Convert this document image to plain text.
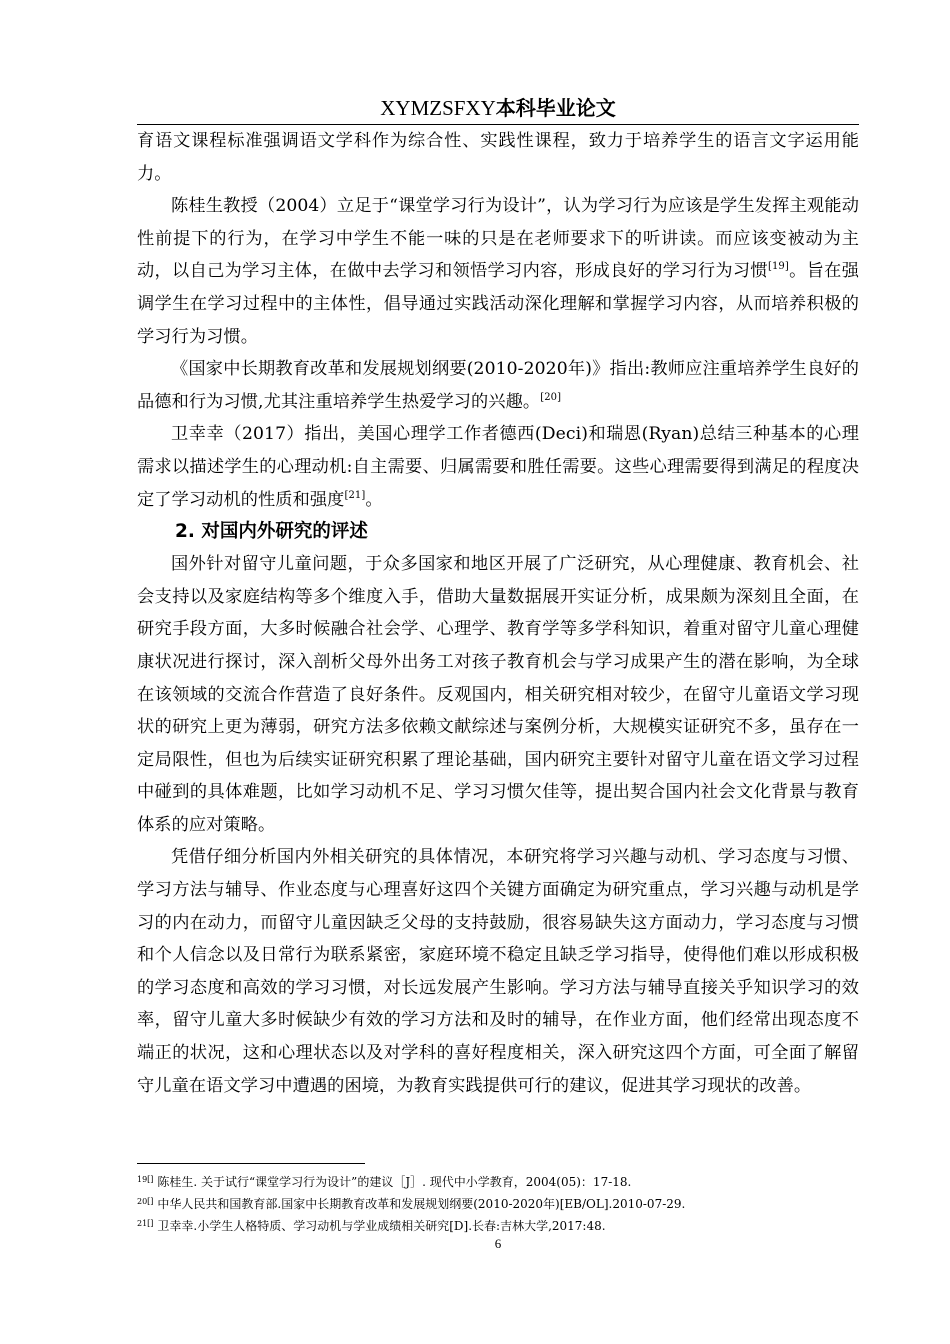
XYMZSFXY本科毕业论文

育语文课程标准强调语文学科作为综合性、实践性课程，致力于培养学生的语言文字运用能力。

陈桂生教授（2004）立足于“课堂学习行为设计”，认为学习行为应该是学生发挥主观能动性前提下的行为，在学习中学生不能一味的只是在老师要求下的听讲读。而应该变被动为主动，以自己为学习主体，在做中去学习和领悟学习内容，形成良好的学习行为习惯[19]。旨在强调学生在学习过程中的主体性，倡导通过实践活动深化理解和掌握学习内容，从而培养积极的学习行为习惯。

《国家中长期教育改革和发展规划纲要(2010-2020年)》指出:教师应注重培养学生良好的品德和行为习惯,尤其注重培养学生热爱学习的兴趣。[20]

卫幸幸（2017）指出，美国心理学工作者德西(Deci)和瑞恩(Ryan)总结三种基本的心理需求以描述学生的心理动机:自主需要、归属需要和胜任需要。这些心理需要得到满足的程度决定了学习动机的性质和强度[21]。

2. 对国内外研究的评述

国外针对留守儿童问题，于众多国家和地区开展了广泛研究，从心理健康、教育机会、社会支持以及家庭结构等多个维度入手，借助大量数据展开实证分析，成果颇为深刻且全面，在研究手段方面，大多时候融合社会学、心理学、教育学等多学科知识，着重对留守儿童心理健康状况进行探讨，深入剖析父母外出务工对孩子教育机会与学习成果产生的潜在影响，为全球在该领域的交流合作营造了良好条件。反观国内，相关研究相对较少，在留守儿童语文学习现状的研究上更为薄弱，研究方法多依赖文献综述与案例分析，大规模实证研究不多，虽存在一定局限性，但也为后续实证研究积累了理论基础，国内研究主要针对留守儿童在语文学习过程中碰到的具体难题，比如学习动机不足、学习习惯欠佳等，提出契合国内社会文化背景与教育体系的应对策略。

凭借仔细分析国内外相关研究的具体情况，本研究将学习兴趣与动机、学习态度与习惯、学习方法与辅导、作业态度与心理喜好这四个关键方面确定为研究重点，学习兴趣与动机是学习的内在动力，而留守儿童因缺乏父母的支持鼓励，很容易缺失这方面动力，学习态度与习惯和个人信念以及日常行为联系紧密，家庭环境不稳定且缺乏学习指导，使得他们难以形成积极的学习态度和高效的学习习惯，对长远发展产生影响。学习方法与辅导直接关乎知识学习的效率，留守儿童大多时候缺少有效的学习方法和及时的辅导，在作业方面，他们经常出现态度不端正的状况，这和心理状态以及对学科的喜好程度相关，深入研究这四个方面，可全面了解留守儿童在语文学习中遭遇的困境，为教育实践提供可行的建议，促进其学习现状的改善。

$^{19[]}$ 陈桂生. 关于试行“课堂学习行为设计”的建议［J］. 现代中小学教育，2004(05)：17-18.
$^{20[]}$ 中华人民共和国教育部.国家中长期教育改革和发展规划纲要(2010-2020年)[EB/OL].2010-07-29.
$^{21[]}$ 卫幸幸.小学生人格特质、学习动机与学业成绩相关研究[D].长春:吉林大学,2017:48.
6
